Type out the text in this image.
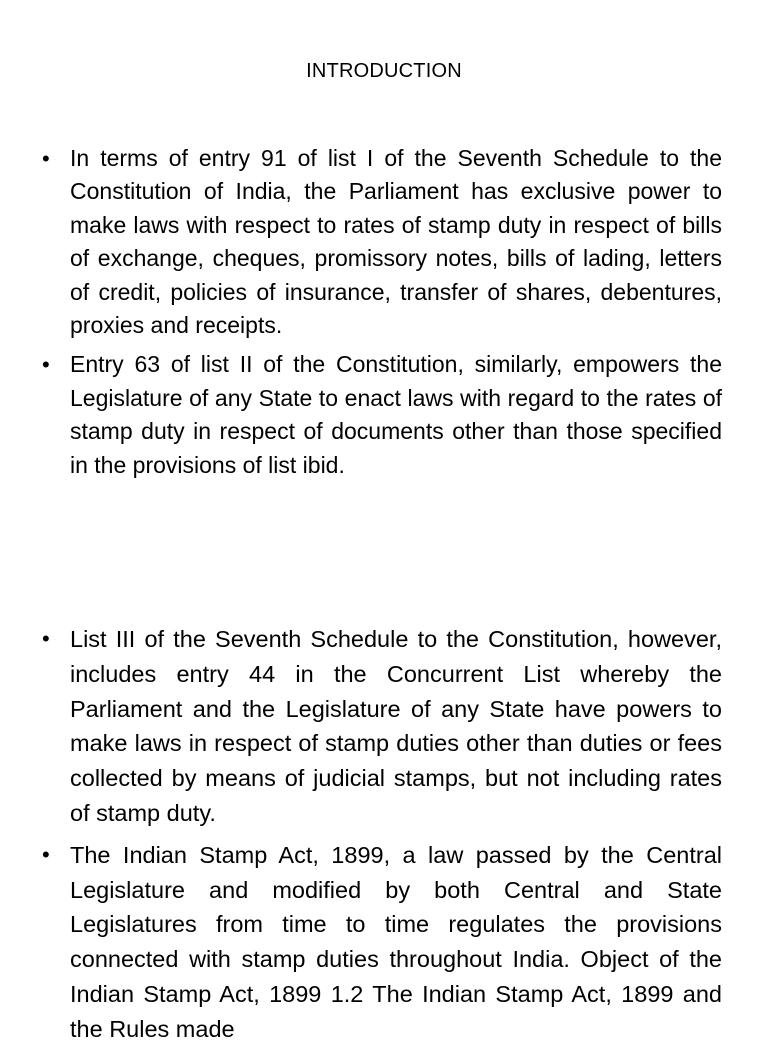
INTRODUCTION
• In terms of entry 91 of list I of the Seventh Schedule to the Constitution of India, the Parliament has exclusive power to make laws with respect to rates of stamp duty in respect of bills of exchange, cheques, promissory notes, bills of lading, letters of credit, policies of insurance, transfer of shares, debentures, proxies and receipts.
• Entry 63 of list II of the Constitution, similarly, empowers the Legislature of any State to enact laws with regard to the rates of stamp duty in respect of documents other than those specified in the provisions of list ibid.
• List III of the Seventh Schedule to the Constitution, however, includes entry 44 in the Concurrent List whereby the Parliament and the Legislature of any State have powers to make laws in respect of stamp duties other than duties or fees collected by means of judicial stamps, but not including rates of stamp duty.
• The Indian Stamp Act, 1899, a law passed by the Central Legislature and modified by both Central and State Legislatures from time to time regulates the provisions connected with stamp duties throughout India. Object of the Indian Stamp Act, 1899 1.2 The Indian Stamp Act, 1899 and the Rules made
